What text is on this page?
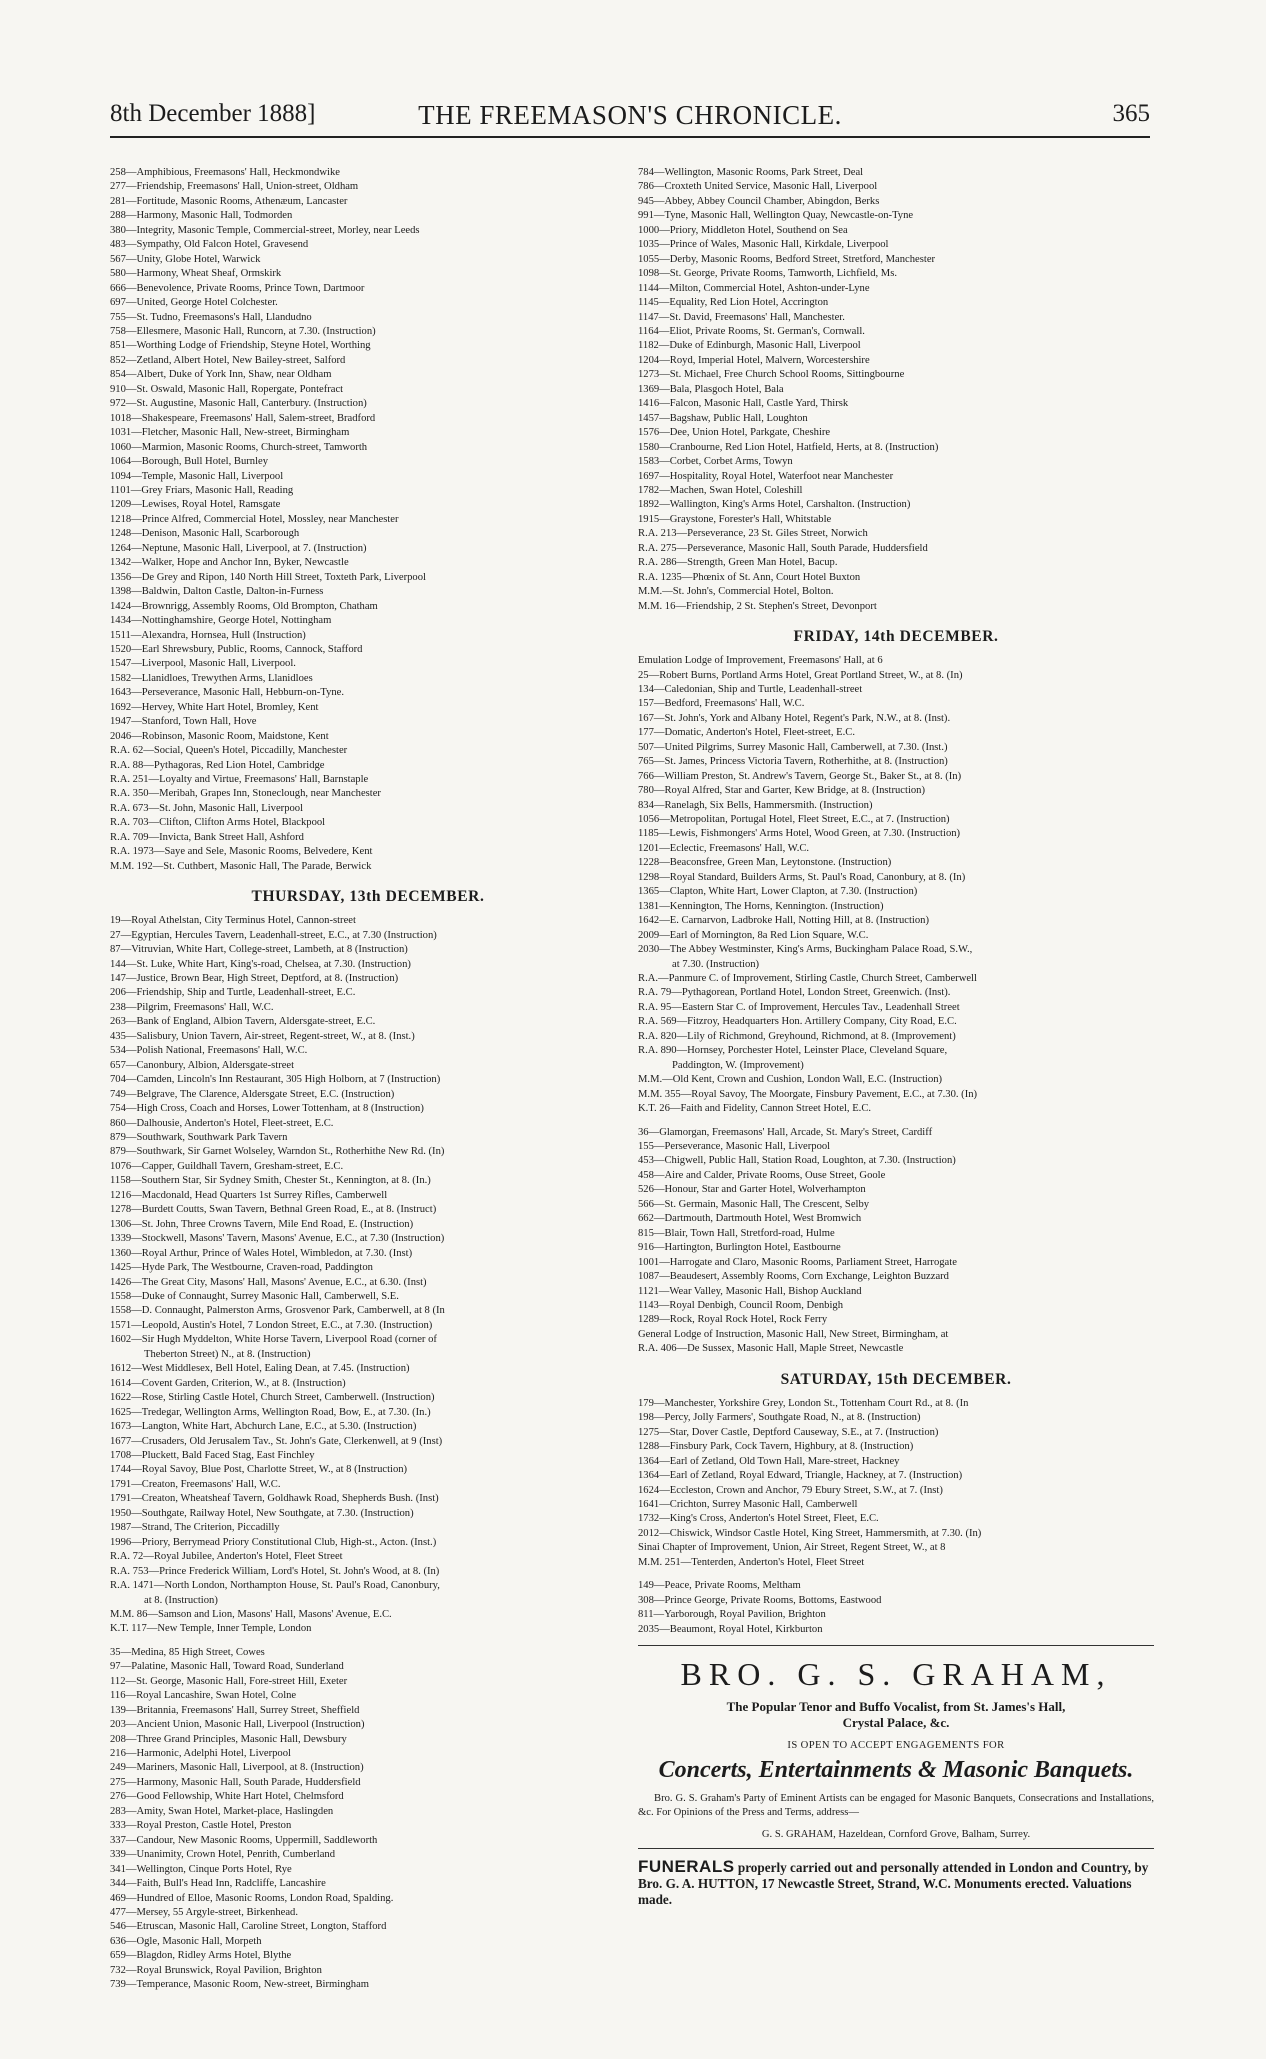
8th December 1888]	THE FREEMASON'S CHRONICLE.	365
258—Amphibious, Freemasons' Hall, Heckmondwike
277—Friendship, Freemasons' Hall, Union-street, Oldham
281—Fortitude, Masonic Rooms, Athenæum, Lancaster
288—Harmony, Masonic Hall, Todmorden
380—Integrity, Masonic Temple, Commercial-street, Morley, near Leeds
483—Sympathy, Old Falcon Hotel, Gravesend
567—Unity, Globe Hotel, Warwick
580—Harmony, Wheat Sheaf, Ormskirk
666—Benevolence, Private Rooms, Prince Town, Dartmoor
697—United, George Hotel Colchester.
755—St. Tudno, Freemasons's Hall, Llandudno
758—Ellesmere, Masonic Hall, Runcorn, at 7.30. (Instruction)
851—Worthing Lodge of Friendship, Steyne Hotel, Worthing
852—Zetland, Albert Hotel, New Bailey-street, Salford
854—Albert, Duke of York Inn, Shaw, near Oldham
910—St. Oswald, Masonic Hall, Ropergate, Pontefract
972—St. Augustine, Masonic Hall, Canterbury. (Instruction)
1018—Shakespeare, Freemasons' Hall, Salem-street, Bradford
1031—Fletcher, Masonic Hall, New-street, Birmingham
1060—Marmion, Masonic Rooms, Church-street, Tamworth
1064—Borough, Bull Hotel, Burnley
1094—Temple, Masonic Hall, Liverpool
1101—Grey Friars, Masonic Hall, Reading
1209—Lewises, Royal Hotel, Ramsgate
1218—Prince Alfred, Commercial Hotel, Mossley, near Manchester
1248—Denison, Masonic Hall, Scarborough
1264—Neptune, Masonic Hall, Liverpool, at 7. (Instruction)
1342—Walker, Hope and Anchor Inn, Byker, Newcastle
1356—De Grey and Ripon, 140 North Hill Street, Toxteth Park, Liverpool
1398—Baldwin, Dalton Castle, Dalton-in-Furness
1424—Brownrigg, Assembly Rooms, Old Brompton, Chatham
1434—Nottinghamshire, George Hotel, Nottingham
1511—Alexandra, Hornsea, Hull (Instruction)
1520—Earl Shrewsbury, Public, Rooms, Cannock, Stafford
1547—Liverpool, Masonic Hall, Liverpool.
1582—Llanidloes, Trewythen Arms, Llanidloes
1643—Perseverance, Masonic Hall, Hebburn-on-Tyne.
1692—Hervey, White Hart Hotel, Bromley, Kent
1947—Stanford, Town Hall, Hove
2046—Robinson, Masonic Room, Maidstone, Kent
R.A. 62—Social, Queen's Hotel, Piccadilly, Manchester
R.A. 88—Pythagoras, Red Lion Hotel, Cambridge
R.A. 251—Loyalty and Virtue, Freemasons' Hall, Barnstaple
R.A. 350—Meribah, Grapes Inn, Stoneclough, near Manchester
R.A. 673—St. John, Masonic Hall, Liverpool
R.A. 703—Clifton, Clifton Arms Hotel, Blackpool
R.A. 709—Invicta, Bank Street Hall, Ashford
R.A. 1973—Saye and Sele, Masonic Rooms, Belvedere, Kent
M.M. 192—St. Cuthbert, Masonic Hall, The Parade, Berwick
THURSDAY, 13th DECEMBER.
19—Royal Athelstan, City Terminus Hotel, Cannon-street
27—Egyptian, Hercules Tavern, Leadenhall-street, E.C., at 7.30 (Instruction)
87—Vitruvian, White Hart, College-street, Lambeth, at 8 (Instruction)
144—St. Luke, White Hart, King's-road, Chelsea, at 7.30. (Instruction)
147—Justice, Brown Bear, High Street, Deptford, at 8. (Instruction)
206—Friendship, Ship and Turtle, Leadenhall-street, E.C.
238—Pilgrim, Freemasons' Hall, W.C.
263—Bank of England, Albion Tavern, Aldersgate-street, E.C.
435—Salisbury, Union Tavern, Air-street, Regent-street, W., at 8. (Inst.)
534—Polish National, Freemasons' Hall, W.C.
657—Canonbury, Albion, Aldersgate-street
704—Camden, Lincoln's Inn Restaurant, 305 High Holborn, at 7 (Instruction)
749—Belgrave, The Clarence, Aldersgate Street, E.C. (Instruction)
754—High Cross, Coach and Horses, Lower Tottenham, at 8 (Instruction)
860—Dalhousie, Anderton's Hotel, Fleet-street, E.C.
879—Southwark, Southwark Park Tavern
879—Southwark, Sir Garnet Wolseley, Warndon St., Rotherhithe New Rd. (In)
1076—Capper, Guildhall Tavern, Gresham-street, E.C.
1158—Southern Star, Sir Sydney Smith, Chester St., Kennington, at 8. (In.)
1216—Macdonald, Head Quarters 1st Surrey Rifles, Camberwell
1278—Burdett Coutts, Swan Tavern, Bethnal Green Road, E., at 8. (Instruct)
1306—St. John, Three Crowns Tavern, Mile End Road, E. (Instruction)
1339—Stockwell, Masons' Tavern, Masons' Avenue, E.C., at 7.30 (Instruction)
1360—Royal Arthur, Prince of Wales Hotel, Wimbledon, at 7.30. (Inst)
1425—Hyde Park, The Westbourne, Craven-road, Paddington
1426—The Great City, Masons' Hall, Masons' Avenue, E.C., at 6.30. (Inst)
1558—Duke of Connaught, Surrey Masonic Hall, Camberwell, S.E.
1558—D. Connaught, Palmerston Arms, Grosvenor Park, Camberwell, at 8 (In
1571—Leopold, Austin's Hotel, 7 London Street, E.C., at 7.30. (Instruction)
1602—Sir Hugh Myddelton, White Horse Tavern, Liverpool Road (corner of
Theberton Street) N., at 8. (Instruction)
1612—West Middlesex, Bell Hotel, Ealing Dean, at 7.45. (Instruction)
1614—Covent Garden, Criterion, W., at 8. (Instruction)
1622—Rose, Stirling Castle Hotel, Church Street, Camberwell. (Instruction)
1625—Tredegar, Wellington Arms, Wellington Road, Bow, E., at 7.30. (In.)
1673—Langton, White Hart, Abchurch Lane, E.C., at 5.30. (Instruction)
1677—Crusaders, Old Jerusalem Tav., St. John's Gate, Clerkenwell, at 9 (Inst)
1708—Pluckett, Bald Faced Stag, East Finchley
1744—Royal Savoy, Blue Post, Charlotte Street, W., at 8 (Instruction)
1791—Creaton, Freemasons' Hall, W.C.
1791—Creaton, Wheatsheaf Tavern, Goldhawk Road, Shepherds Bush. (Inst)
1950—Southgate, Railway Hotel, New Southgate, at 7.30. (Instruction)
1987—Strand, The Criterion, Piccadilly
1996—Priory, Berrymead Priory Constitutional Club, High-st., Acton. (Inst.)
R.A. 72—Royal Jubilee, Anderton's Hotel, Fleet Street
R.A. 753—Prince Frederick William, Lord's Hotel, St. John's Wood, at 8. (In)
R.A. 1471—North London, Northampton House, St. Paul's Road, Canonbury,
at 8. (Instruction)
M.M. 86—Samson and Lion, Masons' Hall, Masons' Avenue, E.C.
K.T. 117—New Temple, Inner Temple, London
35—Medina, 85 High Street, Cowes
97—Palatine, Masonic Hall, Toward Road, Sunderland
112—St. George, Masonic Hall, Fore-street Hill, Exeter
116—Royal Lancashire, Swan Hotel, Colne
139—Britannia, Freemasons' Hall, Surrey Street, Sheffield
203—Ancient Union, Masonic Hall, Liverpool (Instruction)
208—Three Grand Principles, Masonic Hall, Dewsbury
216—Harmonic, Adelphi Hotel, Liverpool
249—Mariners, Masonic Hall, Liverpool, at 8. (Instruction)
275—Harmony, Masonic Hall, South Parade, Huddersfield
276—Good Fellowship, White Hart Hotel, Chelmsford
283—Amity, Swan Hotel, Market-place, Haslingden
333—Royal Preston, Castle Hotel, Preston
337—Candour, New Masonic Rooms, Uppermill, Saddleworth
339—Unanimity, Crown Hotel, Penrith, Cumberland
341—Wellington, Cinque Ports Hotel, Rye
344—Faith, Bull's Head Inn, Radcliffe, Lancashire
469—Hundred of Elloe, Masonic Rooms, London Road, Spalding.
477—Mersey, 55 Argyle-street, Birkenhead.
546—Etruscan, Masonic Hall, Caroline Street, Longton, Stafford
636—Ogle, Masonic Hall, Morpeth
659—Blagdon, Ridley Arms Hotel, Blythe
732—Royal Brunswick, Royal Pavilion, Brighton
739—Temperance, Masonic Room, New-street, Birmingham
784—Wellington, Masonic Rooms, Park Street, Deal
786—Croxteth United Service, Masonic Hall, Liverpool
945—Abbey, Abbey Council Chamber, Abingdon, Berks
991—Tyne, Masonic Hall, Wellington Quay, Newcastle-on-Tyne
1000—Priory, Middleton Hotel, Southend on Sea
1035—Prince of Wales, Masonic Hall, Kirkdale, Liverpool
1055—Derby, Masonic Rooms, Bedford Street, Stretford, Manchester
1098—St. George, Private Rooms, Tamworth, Lichfield, Ms.
1144—Milton, Commercial Hotel, Ashton-under-Lyne
1145—Equality, Red Lion Hotel, Accrington
1147—St. David, Freemasons' Hall, Manchester.
1164—Eliot, Private Rooms, St. German's, Cornwall.
1182—Duke of Edinburgh, Masonic Hall, Liverpool
1204—Royd, Imperial Hotel, Malvern, Worcestershire
1273—St. Michael, Free Church School Rooms, Sittingbourne
1369—Bala, Plasgoch Hotel, Bala
1416—Falcon, Masonic Hall, Castle Yard, Thirsk
1457—Bagshaw, Public Hall, Loughton
1576—Dee, Union Hotel, Parkgate, Cheshire
1580—Cranbourne, Red Lion Hotel, Hatfield, Herts, at 8. (Instruction)
1583—Corbet, Corbet Arms, Towyn
1697—Hospitality, Royal Hotel, Waterfoot near Manchester
1782—Machen, Swan Hotel, Coleshill
1892—Wallington, King's Arms Hotel, Carshalton. (Instruction)
1915—Graystone, Forester's Hall, Whitstable
R.A. 213—Perseverance, 23 St. Giles Street, Norwich
R.A. 275—Perseverance, Masonic Hall, South Parade, Huddersfield
R.A. 286—Strength, Green Man Hotel, Bacup.
R.A. 1235—Phœnix of St. Ann, Court Hotel Buxton
M.M.—St. John's, Commercial Hotel, Bolton.
M.M. 16—Friendship, 2 St. Stephen's Street, Devonport
FRIDAY, 14th DECEMBER.
Emulation Lodge of Improvement, Freemasons' Hall, at 6
25—Robert Burns, Portland Arms Hotel, Great Portland Street, W., at 8. (In)
134—Caledonian, Ship and Turtle, Leadenhall-street
157—Bedford, Freemasons' Hall, W.C.
167—St. John's, York and Albany Hotel, Regent's Park, N.W., at 8. (Inst).
177—Domatic, Anderton's Hotel, Fleet-street, E.C.
507—United Pilgrims, Surrey Masonic Hall, Camberwell, at 7.30. (Inst.)
765—St. James, Princess Victoria Tavern, Rotherhithe, at 8. (Instruction)
766—William Preston, St. Andrew's Tavern, George St., Baker St., at 8. (In)
780—Royal Alfred, Star and Garter, Kew Bridge, at 8. (Instruction)
834—Ranelagh, Six Bells, Hammersmith. (Instruction)
1056—Metropolitan, Portugal Hotel, Fleet Street, E.C., at 7. (Instruction)
1185—Lewis, Fishmongers' Arms Hotel, Wood Green, at 7.30. (Instruction)
1201—Eclectic, Freemasons' Hall, W.C.
1228—Beaconsfree, Green Man, Leytonstone. (Instruction)
1298—Royal Standard, Builders Arms, St. Paul's Road, Canonbury, at 8. (In)
1365—Clapton, White Hart, Lower Clapton, at 7.30. (Instruction)
1381—Kennington, The Horns, Kennington. (Instruction)
1642—E. Carnarvon, Ladbroke Hall, Notting Hill, at 8. (Instruction)
2009—Earl of Mornington, 8a Red Lion Square, W.C.
2030—The Abbey Westminster, King's Arms, Buckingham Palace Road, S.W.,
at 7.30. (Instruction)
R.A.—Panmure C. of Improvement, Stirling Castle, Church Street, Camberwell
R.A. 79—Pythagorean, Portland Hotel, London Street, Greenwich. (Inst).
R.A. 95—Eastern Star C. of Improvement, Hercules Tav., Leadenhall Street
R.A. 569—Fitzroy, Headquarters Hon. Artillery Company, City Road, E.C.
R.A. 820—Lily of Richmond, Greyhound, Richmond, at 8. (Improvement)
R.A. 890—Hornsey, Porchester Hotel, Leinster Place, Cleveland Square,
Paddington, W. (Improvement)
M.M.—Old Kent, Crown and Cushion, London Wall, E.C. (Instruction)
M.M. 355—Royal Savoy, The Moorgate, Finsbury Pavement, E.C., at 7.30. (In)
K.T. 26—Faith and Fidelity, Cannon Street Hotel, E.C.
36—Glamorgan, Freemasons' Hall, Arcade, St. Mary's Street, Cardiff
155—Perseverance, Masonic Hall, Liverpool
453—Chigwell, Public Hall, Station Road, Loughton, at 7.30. (Instruction)
458—Aire and Calder, Private Rooms, Ouse Street, Goole
526—Honour, Star and Garter Hotel, Wolverhampton
566—St. Germain, Masonic Hall, The Crescent, Selby
662—Dartmouth, Dartmouth Hotel, West Bromwich
815—Blair, Town Hall, Stretford-road, Hulme
916—Hartington, Burlington Hotel, Eastbourne
1001—Harrogate and Claro, Masonic Rooms, Parliament Street, Harrogate
1087—Beaudesert, Assembly Rooms, Corn Exchange, Leighton Buzzard
1121—Wear Valley, Masonic Hall, Bishop Auckland
1143—Royal Denbigh, Council Room, Denbigh
1289—Rock, Royal Rock Hotel, Rock Ferry
General Lodge of Instruction, Masonic Hall, New Street, Birmingham, at
R.A. 406—De Sussex, Masonic Hall, Maple Street, Newcastle
SATURDAY, 15th DECEMBER.
179—Manchester, Yorkshire Grey, London St., Tottenham Court Rd., at 8. (In
198—Percy, Jolly Farmers', Southgate Road, N., at 8. (Instruction)
1275—Star, Dover Castle, Deptford Causeway, S.E., at 7. (Instruction)
1288—Finsbury Park, Cock Tavern, Highbury, at 8. (Instruction)
1364—Earl of Zetland, Old Town Hall, Mare-street, Hackney
1364—Earl of Zetland, Royal Edward, Triangle, Hackney, at 7. (Instruction)
1624—Eccleston, Crown and Anchor, 79 Ebury Street, S.W., at 7. (Inst)
1641—Crichton, Surrey Masonic Hall, Camberwell
1732—King's Cross, Anderton's Hotel Street, Fleet, E.C.
2012—Chiswick, Windsor Castle Hotel, King Street, Hammersmith, at 7.30. (In)
Sinai Chapter of Improvement, Union, Air Street, Regent Street, W., at 8
M.M. 251—Tenterden, Anderton's Hotel, Fleet Street
149—Peace, Private Rooms, Meltham
308—Prince George, Private Rooms, Bottoms, Eastwood
811—Yarborough, Royal Pavilion, Brighton
2035—Beaumont, Royal Hotel, Kirkburton
BRO. G. S. GRAHAM,
The Popular Tenor and Buffo Vocalist, from St. James's Hall,
Crystal Palace, &c.
IS OPEN TO ACCEPT ENGAGEMENTS FOR
Concerts, Entertainments & Masonic Banquets.
Bro. G. S. Graham's Party of Eminent Artists can be engaged for Masonic Banquets, Consecrations and Installations, &c. For Opinions of the Press and Terms, address—
G. S. GRAHAM, Hazeldean, Cornford Grove, Balham, Surrey.
FUNERALS properly carried out and personally attended in London and Country, by Bro. G. A. HUTTON, 17 Newcastle Street, Strand, W.C. Monuments erected. Valuations made.
